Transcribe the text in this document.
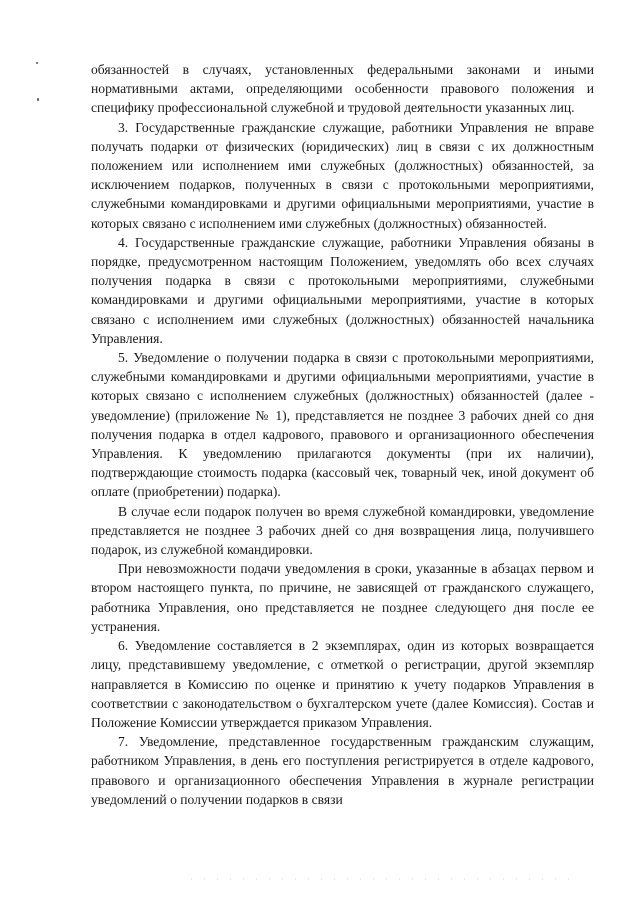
обязанностей в случаях, установленных федеральными законами и иными нормативными актами, определяющими особенности правового положения и специфику профессиональной служебной и трудовой деятельности указанных лиц.

3. Государственные гражданские служащие, работники Управления не вправе получать подарки от физических (юридических) лиц в связи с их должностным положением или исполнением ими служебных (должностных) обязанностей, за исключением подарков, полученных в связи с протокольными мероприятиями, служебными командировками и другими официальными мероприятиями, участие в которых связано с исполнением ими служебных (должностных) обязанностей.

4. Государственные гражданские служащие, работники Управления обязаны в порядке, предусмотренном настоящим Положением, уведомлять обо всех случаях получения подарка в связи с протокольными мероприятиями, служебными командировками и другими официальными мероприятиями, участие в которых связано с исполнением ими служебных (должностных) обязанностей начальника Управления.

5. Уведомление о получении подарка в связи с протокольными мероприятиями, служебными командировками и другими официальными мероприятиями, участие в которых связано с исполнением служебных (должностных) обязанностей (далее - уведомление) (приложение № 1), представляется не позднее 3 рабочих дней со дня получения подарка в отдел кадрового, правового и организационного обеспечения Управления. К уведомлению прилагаются документы (при их наличии), подтверждающие стоимость подарка (кассовый чек, товарный чек, иной документ об оплате (приобретении) подарка).

В случае если подарок получен во время служебной командировки, уведомление представляется не позднее 3 рабочих дней со дня возвращения лица, получившего подарок, из служебной командировки.

При невозможности подачи уведомления в сроки, указанные в абзацах первом и втором настоящего пункта, по причине, не зависящей от гражданского служащего, работника Управления, оно представляется не позднее следующего дня после ее устранения.

6. Уведомление составляется в 2 экземплярах, один из которых возвращается лицу, представившему уведомление, с отметкой о регистрации, другой экземпляр направляется в Комиссию по оценке и принятию к учету подарков Управления в соответствии с законодательством о бухгалтерском учете (далее Комиссия). Состав и Положение Комиссии утверждается приказом Управления.

7. Уведомление, представленное государственным гражданским служащим, работником Управления, в день его поступления регистрируется в отделе кадрового, правового и организационного обеспечения Управления в журнале регистрации уведомлений о получении подарков в связи
